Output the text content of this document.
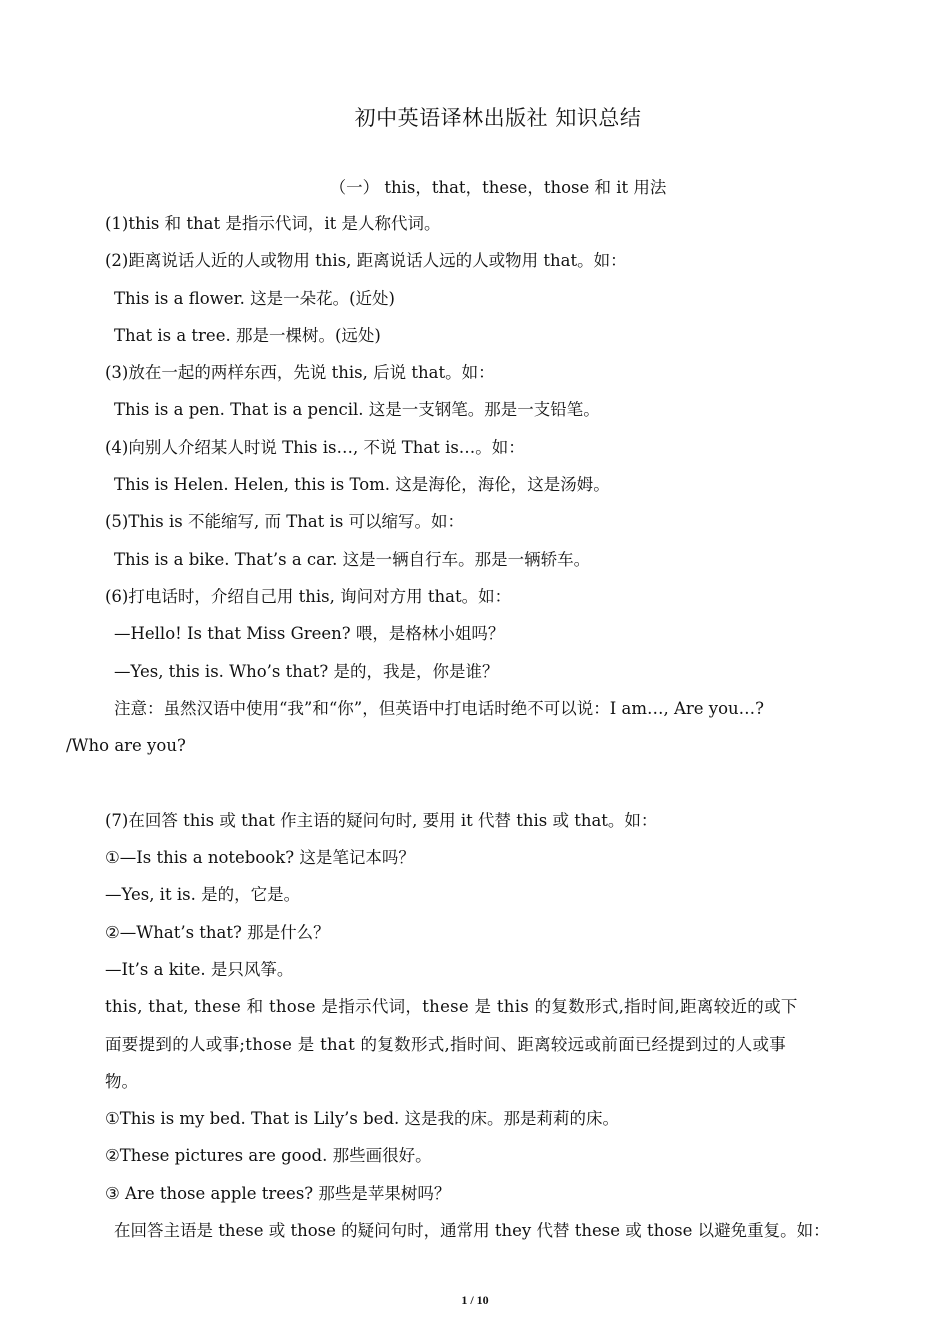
初中英语译林出版社 知识总结
（一） this，that，these，those 和 it 用法
(1)this 和 that 是指示代词，it 是人称代词。
(2)距离说话人近的人或物用 this, 距离说话人远的人或物用 that。如：
This is a flower. 这是一朵花。(近处)
That is a tree. 那是一棵树。(远处)
(3)放在一起的两样东西，先说 this, 后说 that。如：
This is a pen. That is a pencil. 这是一支钢笔。那是一支铅笔。
(4)向别人介绍某人时说 This is…, 不说 That is…。如：
This is Helen. Helen, this is Tom. 这是海伦，海伦，这是汤姆。
(5)This is 不能缩写, 而 That is 可以缩写。如：
This is a bike. That’s a car. 这是一辆自行车。那是一辆轿车。
(6)打电话时，介绍自己用 this, 询问对方用 that。如：
—Hello! Is that Miss Green? 喂，是格林小姐吗？
—Yes, this is. Who’s that? 是的，我是，你是谁？
注意：虽然汉语中使用“我”和“你”，但英语中打电话时绝不可以说：I am…, Are you…?
/Who are you?
(7)在回答 this 或 that 作主语的疑问句时, 要用 it 代替 this 或 that。如：
①—Is this a notebook? 这是笔记本吗？
—Yes, it is. 是的，它是。
②—What’s that? 那是什么？
—It’s a kite. 是只风筝。
this, that, these 和 those 是指示代词，these 是 this 的复数形式,指时间,距离较近的或下
面要提到的人或事;those 是 that 的复数形式,指时间、距离较远或前面已经提到过的人或事
物。
①This is my bed. That is Lily’s bed. 这是我的床。那是莉莉的床。
②These pictures are good. 那些画很好。
③ Are those apple trees? 那些是苹果树吗？
在回答主语是 these 或 those 的疑问句时，通常用 they 代替 these 或 those 以避免重复。如：
1 / 10
